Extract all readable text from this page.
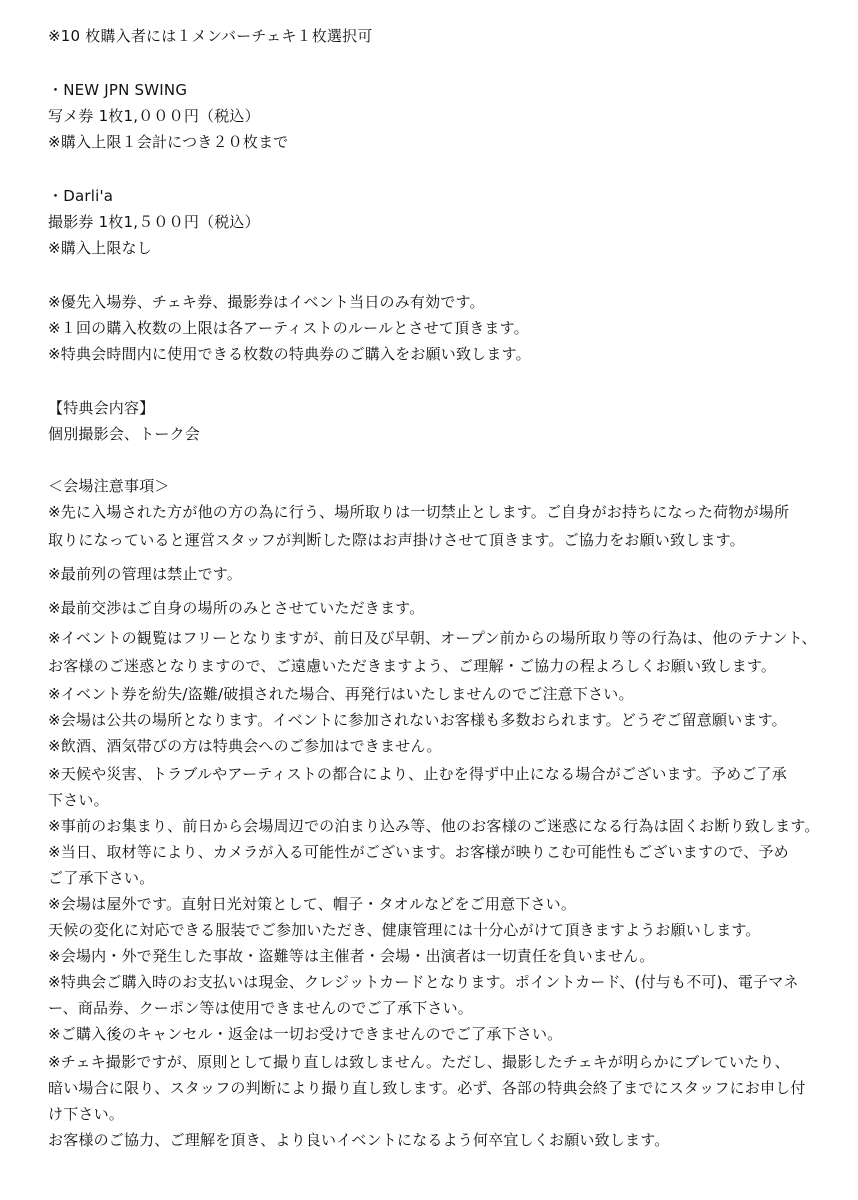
※10 枚購入者には１メンバーチェキ１枚選択可
・NEW JPN SWING
写メ券 1枚1,０００円（税込）
※購入上限１会計につき２０枚まで
・Darli'a
撮影券 1枚1,５００円（税込）
※購入上限なし
※優先入場券、チェキ券、撮影券はイベント当日のみ有効です。
※１回の購入枚数の上限は各アーティストのルールとさせて頂きます。
※特典会時間内に使用できる枚数の特典券のご購入をお願い致します。
【特典会内容】
個別撮影会、トーク会
＜会場注意事項＞
※先に入場された方が他の方の為に行う、場所取りは一切禁止とします。ご自身がお持ちになった荷物が場所
取りになっていると運営スタッフが判断した際はお声掛けさせて頂きます。ご協力をお願い致します。
※最前列の管理は禁止です。
※最前交渉はご自身の場所のみとさせていただきます。
※イベントの観覧はフリーとなりますが、前日及び早朝、オープン前からの場所取り等の行為は、他のテナント、
お客様のご迷惑となりますので、ご遠慮いただきますよう、ご理解・ご協力の程よろしくお願い致します。
※イベント券を紛失/盗難/破損された場合、再発行はいたしませんのでご注意下さい。
※会場は公共の場所となります。イベントに参加されないお客様も多数おられます。どうぞご留意願います。
※飲酒、酒気帯びの方は特典会へのご参加はできません。
※天候や災害、トラブルやアーティストの都合により、止むを得ず中止になる場合がございます。予めご了承
下さい。
※事前のお集まり、前日から会場周辺での泊まり込み等、他のお客様のご迷惑になる行為は固くお断り致します。
※当日、取材等により、カメラが入る可能性がございます。お客様が映りこむ可能性もございますので、予め
ご了承下さい。
※会場は屋外です。直射日光対策として、帽子・タオルなどをご用意下さい。
天候の変化に対応できる服装でご参加いただき、健康管理には十分心がけて頂きますようお願いします。
※会場内・外で発生した事故・盗難等は主催者・会場・出演者は一切責任を負いません。
※特典会ご購入時のお支払いは現金、クレジットカードとなります。ポイントカード、(付与も不可)、電子マネ
ー、商品券、クーポン等は使用できませんのでご了承下さい。
※ご購入後のキャンセル・返金は一切お受けできませんのでご了承下さい。
※チェキ撮影ですが、原則として撮り直しは致しません。ただし、撮影したチェキが明らかにブレていたり、
暗い場合に限り、スタッフの判断により撮り直し致します。必ず、各部の特典会終了までにスタッフにお申し付
け下さい。
お客様のご協力、ご理解を頂き、より良いイベントになるよう何卒宜しくお願い致します。
